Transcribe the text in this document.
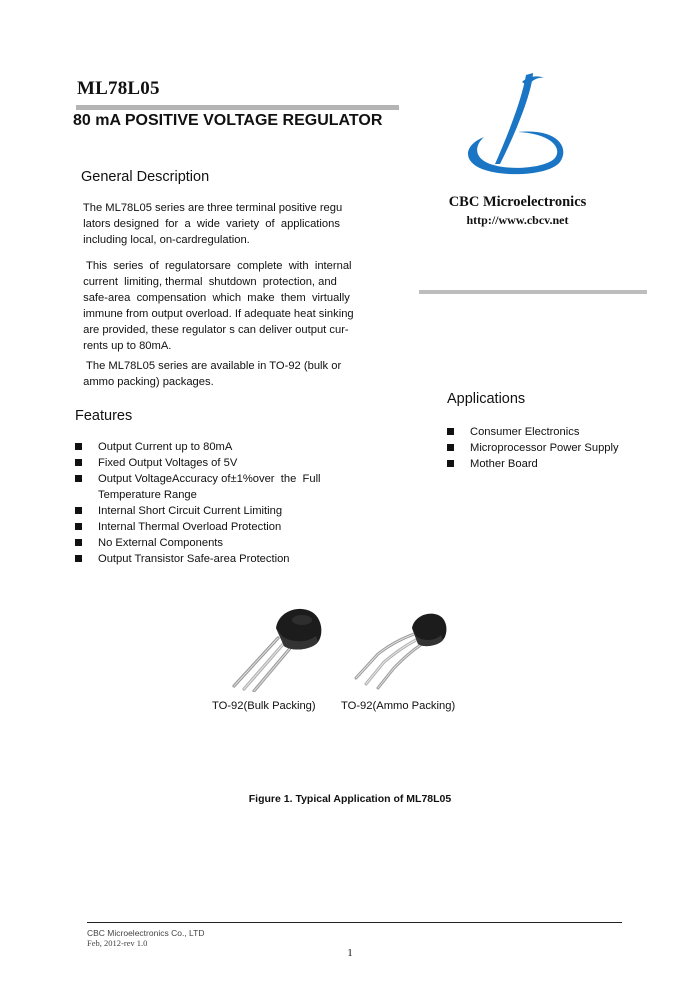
ML78L05
80 mA POSITIVE VOLTAGE REGULATOR
CBC Microelectronics
http://www.cbcv.net
General Description
The ML78L05 series are three terminal positive regu
lators designed  for  a  wide  variety  of  applications
including local, on-cardregulation.
This  series  of  regulatorsare  complete  with  internal
current  limiting, thermal  shutdown  protection, and
safe-area  compensation  which  make  them  virtually
immune from output overload. If adequate heat sinking
are provided, these regulator s can deliver output cur-
rents up to 80mA.
The ML78L05 series are available in TO-92 (bulk or
ammo packing) packages.
Features
Output Current up to 80mA
Fixed Output Voltages of 5V
Output VoltageAccuracy of±1%over  the  Full
Temperature Range
Internal Short Circuit Current Limiting
Internal Thermal Overload Protection
No External Components
Output Transistor Safe-area Protection
Applications
Consumer Electronics
Microprocessor Power Supply
Mother Board
TO-92(Bulk Packing) TO-92(Ammo Packing)
Figure 1. Typical Application of ML78L05
CBC Microelectronics Co., LTD
Feb, 2012-rev 1.0
1
